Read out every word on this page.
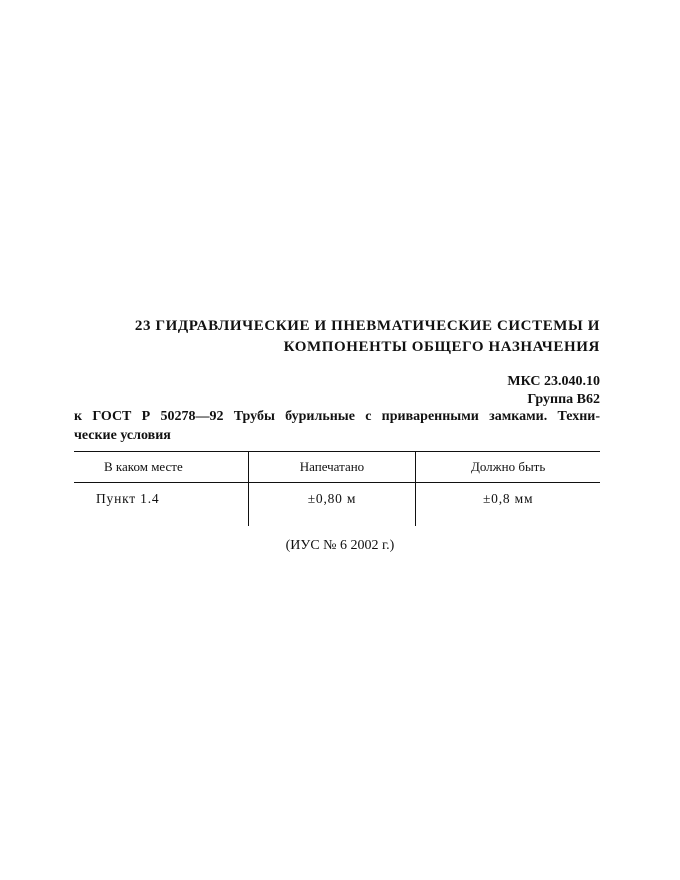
23 ГИДРАВЛИЧЕСКИЕ И ПНЕВМАТИЧЕСКИЕ СИСТЕМЫ И
КОМПОНЕНТЫ ОБЩЕГО НАЗНАЧЕНИЯ
МКС 23.040.10
Группа В62
к ГОСТ Р 50278—92 Трубы бурильные с приваренными замками. Техни-
ческие условия
В каком месте	Напечатано	Должно быть
Пункт 1.4	±0,80 м	±0,8 мм
(ИУС № 6 2002 г.)
